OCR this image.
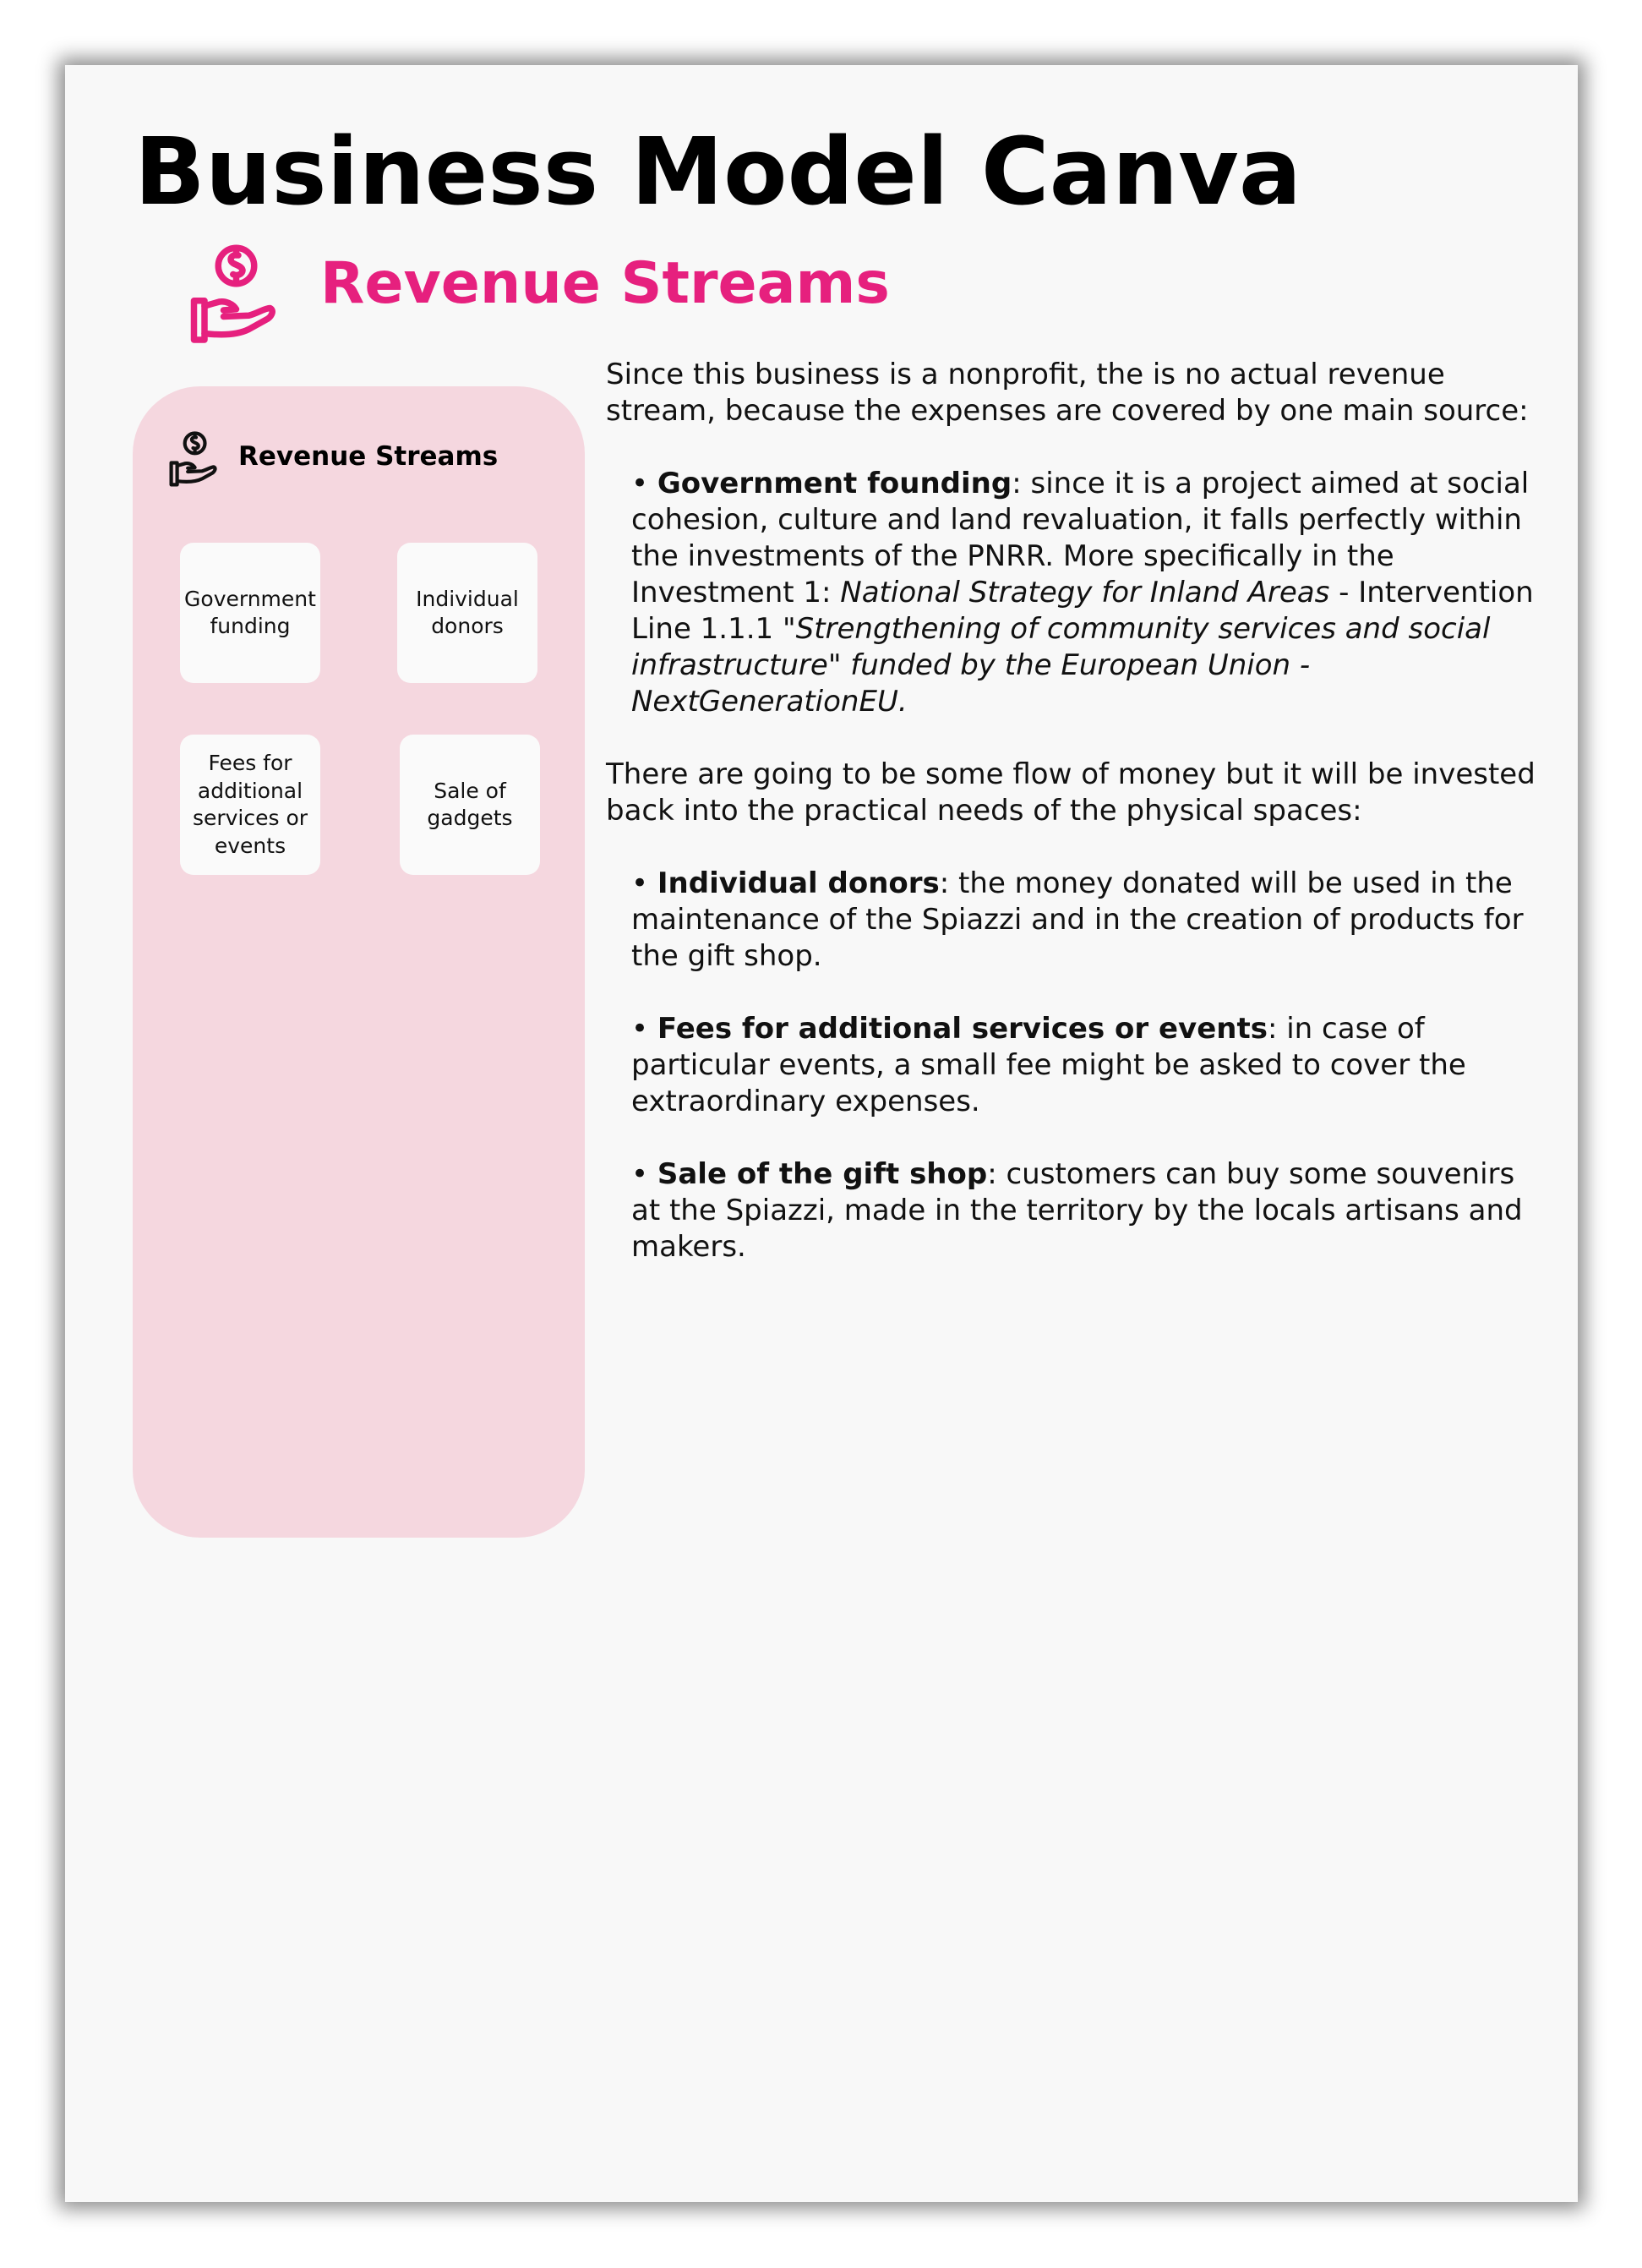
Business Model Canva
Revenue Streams
Revenue Streams
Government funding
Individual donors
Fees for additional services or events
Sale of gadgets

Since this business is a nonprofit, the is no actual revenue stream, because the expenses are covered by one main source:

• Government founding: since it is a project aimed at social cohesion, culture and land revaluation, it falls perfectly within the investments of the PNRR. More specifically in the Investment 1: National Strategy for Inland Areas - Intervention Line 1.1.1 "Strengthening of community services and social infrastructure" funded by the European Union - NextGenerationEU.

There are going to be some flow of money but it will be invested back into the practical needs of the physical spaces:

• Individual donors: the money donated will be used in the maintenance of the Spiazzi and in the creation of products for the gift shop.
• Fees for additional services or events: in case of particular events, a small fee might be asked to cover the extraordinary expenses.
• Sale of the gift shop: customers can buy some souvenirs at the Spiazzi, made in the territory by the locals artisans and makers.
